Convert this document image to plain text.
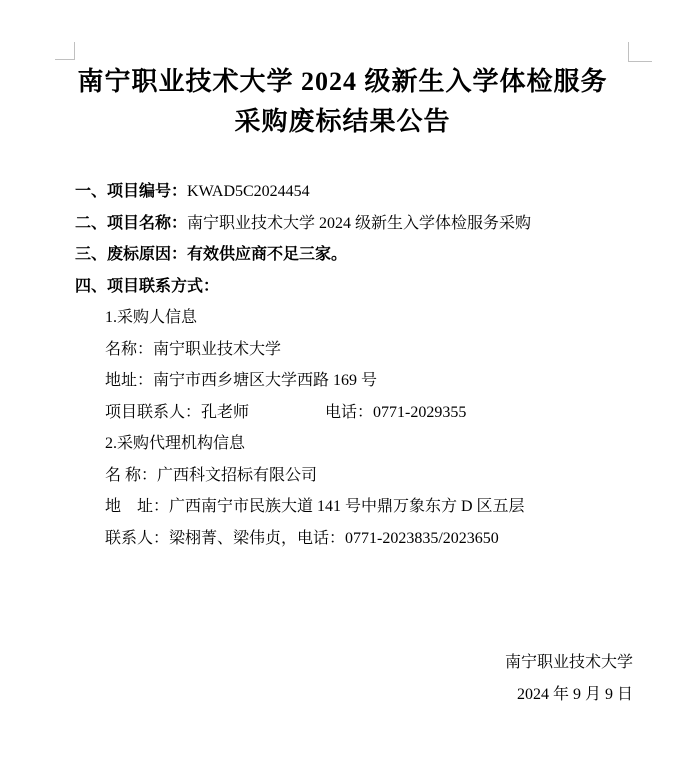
南宁职业技术大学 2024 级新生入学体检服务
采购废标结果公告

一、项目编号：KWAD5C2024454

二、项目名称：南宁职业技术大学 2024 级新生入学体检服务采购

三、废标原因：有效供应商不足三家。

四、项目联系方式：

1.采购人信息

名称：南宁职业技术大学

地址：南宁市西乡塘区大学西路 169 号

项目联系人：孔老师	电话：0771-2029355

2.采购代理机构信息

名 称：广西科文招标有限公司

地　址：广西南宁市民族大道 141 号中鼎万象东方 D 区五层

联系人：梁栩菁、梁伟贞，电话：0771-2023835/2023650

南宁职业技术大学

2024 年 9 月 9 日
